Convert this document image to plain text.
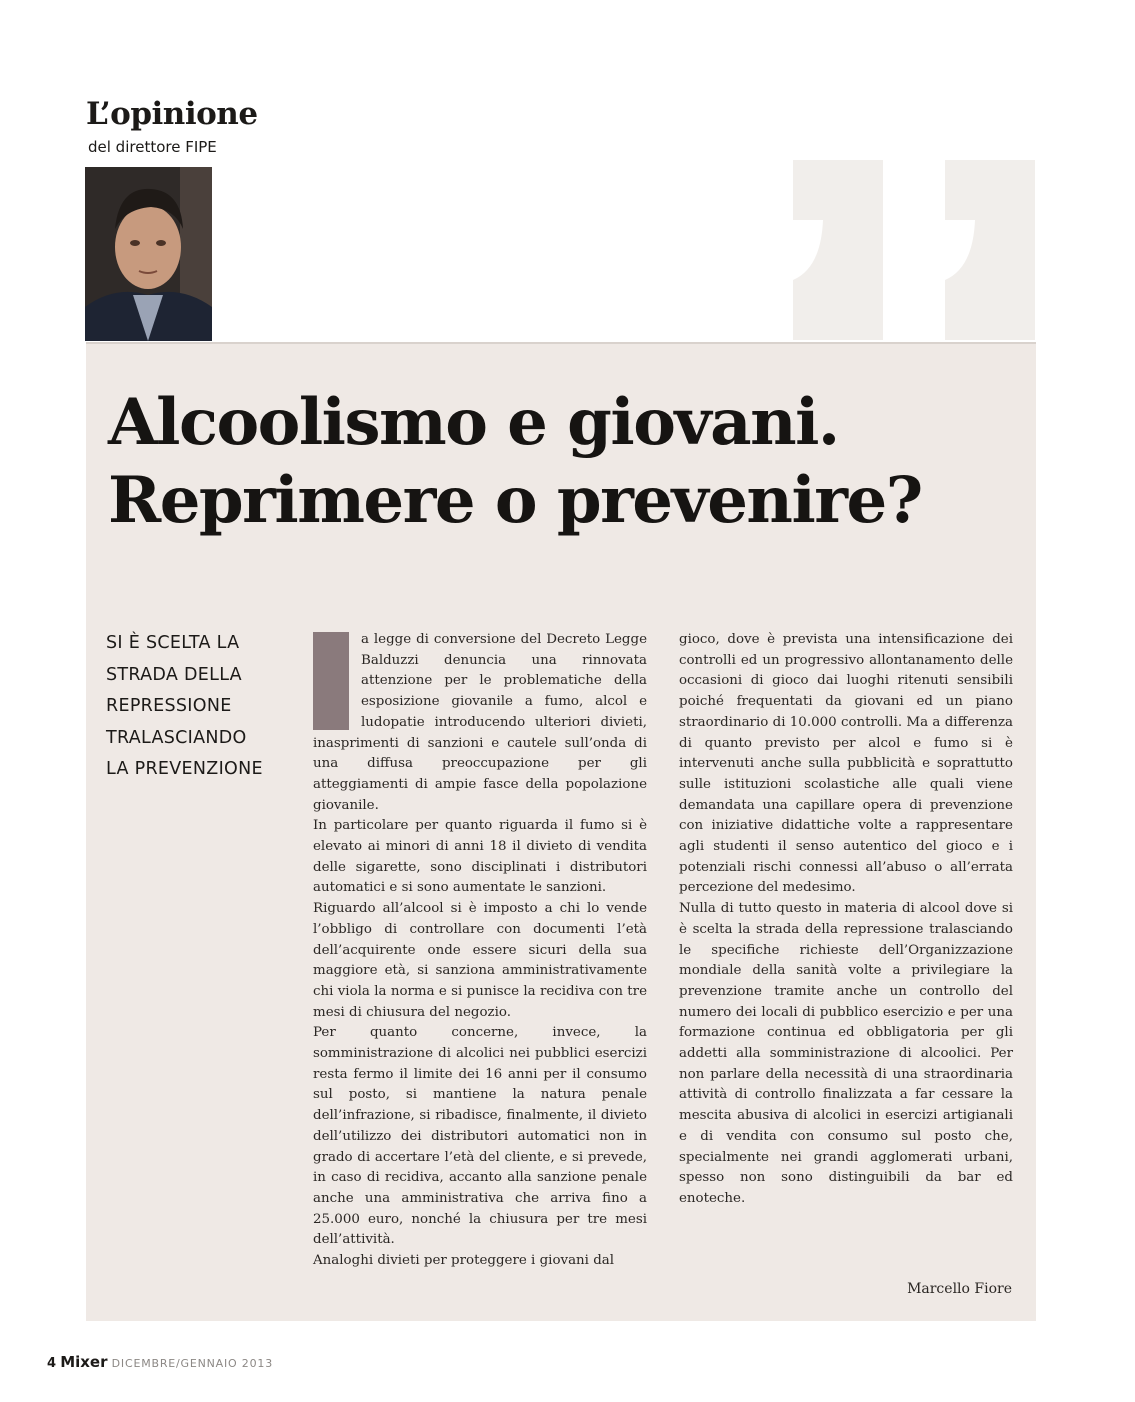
L’opinione
del direttore FIPE
Alcoolismo e giovani.
Reprimere o prevenire?
SI È SCELTA LA
STRADA DELLA
REPRESSIONE
TRALASCIANDO
LA PREVENZIONE

a legge di conversione del Decreto Legge Balduzzi denuncia una rinnovata attenzione per le problematiche della esposizione giovanile a fumo, alcol e ludopatie introducendo ulteriori divieti, inasprimenti di sanzioni e cautele sull’onda di una diffusa preoccupazione per gli atteggiamenti di ampie fasce della popolazione giovanile.

In particolare per quanto riguarda il fumo si è elevato ai minori di anni 18 il divieto di vendita delle sigarette, sono disciplinati i distributori automatici e si sono aumentate le sanzioni.

Riguardo all’alcool si è imposto a chi lo vende l’obbligo di controllare con documenti l’età dell’acquirente onde essere sicuri della sua maggiore età, si sanziona amministrativamente chi viola la norma e si punisce la recidiva con tre mesi di chiusura del negozio.

Per quanto concerne, invece, la somministrazione di alcolici nei pubblici esercizi resta fermo il limite dei 16 anni per il consumo sul posto, si mantiene la natura penale dell’infrazione, si ribadisce, finalmente, il divieto dell’utilizzo dei distributori automatici non in grado di accertare l’età del cliente, e si prevede, in caso di recidiva, accanto alla sanzione penale anche una amministrativa che arriva fino a 25.000 euro, nonché la chiusura per tre mesi dell’attività.

Analoghi divieti per proteggere i giovani dal

gioco, dove è prevista una intensificazione dei controlli ed un progressivo allontanamento delle occasioni di gioco dai luoghi ritenuti sensibili poiché frequentati da giovani ed un piano straordinario di 10.000 controlli. Ma a differenza di quanto previsto per alcol e fumo si è intervenuti anche sulla pubblicità e soprattutto sulle istituzioni scolastiche alle quali viene demandata una capillare opera di prevenzione con iniziative didattiche volte a rappresentare agli studenti il senso autentico del gioco e i potenziali rischi connessi all’abuso o all’errata percezione del medesimo.

Nulla di tutto questo in materia di alcool dove si è scelta la strada della repressione tralasciando le specifiche richieste dell’Organizzazione mondiale della sanità volte a privilegiare la prevenzione tramite anche un controllo del numero dei locali di pubblico esercizio e per una formazione continua ed obbligatoria per gli addetti alla somministrazione di alcoolici. Per non parlare della necessità di una straordinaria attività di controllo finalizzata a far cessare la mescita abusiva di alcolici in esercizi artigianali e di vendita con consumo sul posto che, specialmente nei grandi agglomerati urbani, spesso non sono distinguibili da bar ed enoteche.

Marcello Fiore
4 Mixer DICEMBRE/GENNAIO 2013
